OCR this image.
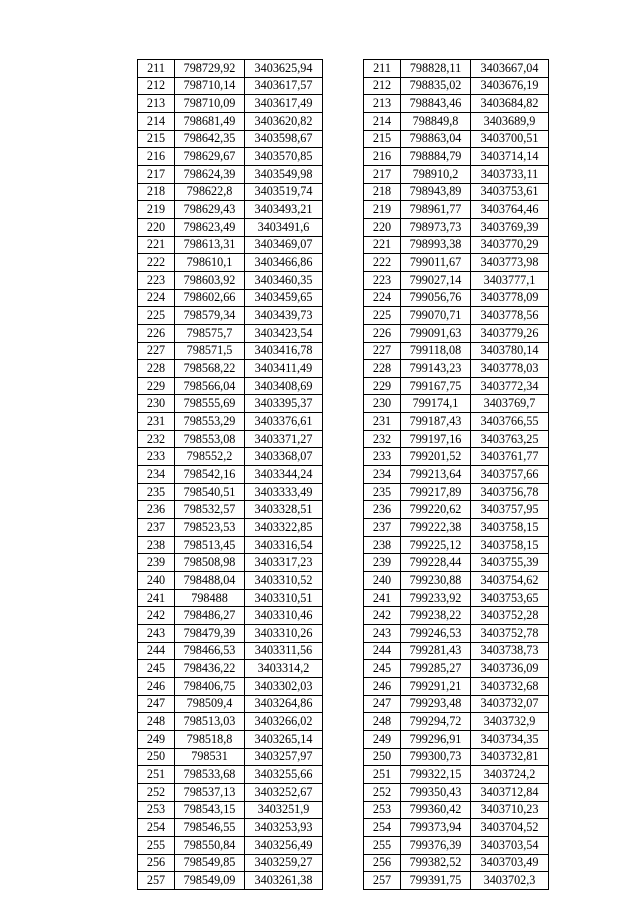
211	798729,92	3403625,94
212	798710,14	3403617,57
213	798710,09	3403617,49
214	798681,49	3403620,82
215	798642,35	3403598,67
216	798629,67	3403570,85
217	798624,39	3403549,98
218	798622,8	3403519,74
219	798629,43	3403493,21
220	798623,49	3403491,6
221	798613,31	3403469,07
222	798610,1	3403466,86
223	798603,92	3403460,35
224	798602,66	3403459,65
225	798579,34	3403439,73
226	798575,7	3403423,54
227	798571,5	3403416,78
228	798568,22	3403411,49
229	798566,04	3403408,69
230	798555,69	3403395,37
231	798553,29	3403376,61
232	798553,08	3403371,27
233	798552,2	3403368,07
234	798542,16	3403344,24
235	798540,51	3403333,49
236	798532,57	3403328,51
237	798523,53	3403322,85
238	798513,45	3403316,54
239	798508,98	3403317,23
240	798488,04	3403310,52
241	798488	3403310,51
242	798486,27	3403310,46
243	798479,39	3403310,26
244	798466,53	3403311,56
245	798436,22	3403314,2
246	798406,75	3403302,03
247	798509,4	3403264,86
248	798513,03	3403266,02
249	798518,8	3403265,14
250	798531	3403257,97
251	798533,68	3403255,66
252	798537,13	3403252,67
253	798543,15	3403251,9
254	798546,55	3403253,93
255	798550,84	3403256,49
256	798549,85	3403259,27
257	798549,09	3403261,38
211	798828,11	3403667,04
212	798835,02	3403676,19
213	798843,46	3403684,82
214	798849,8	3403689,9
215	798863,04	3403700,51
216	798884,79	3403714,14
217	798910,2	3403733,11
218	798943,89	3403753,61
219	798961,77	3403764,46
220	798973,73	3403769,39
221	798993,38	3403770,29
222	799011,67	3403773,98
223	799027,14	3403777,1
224	799056,76	3403778,09
225	799070,71	3403778,56
226	799091,63	3403779,26
227	799118,08	3403780,14
228	799143,23	3403778,03
229	799167,75	3403772,34
230	799174,1	3403769,7
231	799187,43	3403766,55
232	799197,16	3403763,25
233	799201,52	3403761,77
234	799213,64	3403757,66
235	799217,89	3403756,78
236	799220,62	3403757,95
237	799222,38	3403758,15
238	799225,12	3403758,15
239	799228,44	3403755,39
240	799230,88	3403754,62
241	799233,92	3403753,65
242	799238,22	3403752,28
243	799246,53	3403752,78
244	799281,43	3403738,73
245	799285,27	3403736,09
246	799291,21	3403732,68
247	799293,48	3403732,07
248	799294,72	3403732,9
249	799296,91	3403734,35
250	799300,73	3403732,81
251	799322,15	3403724,2
252	799350,43	3403712,84
253	799360,42	3403710,23
254	799373,94	3403704,52
255	799376,39	3403703,54
256	799382,52	3403703,49
257	799391,75	3403702,3
